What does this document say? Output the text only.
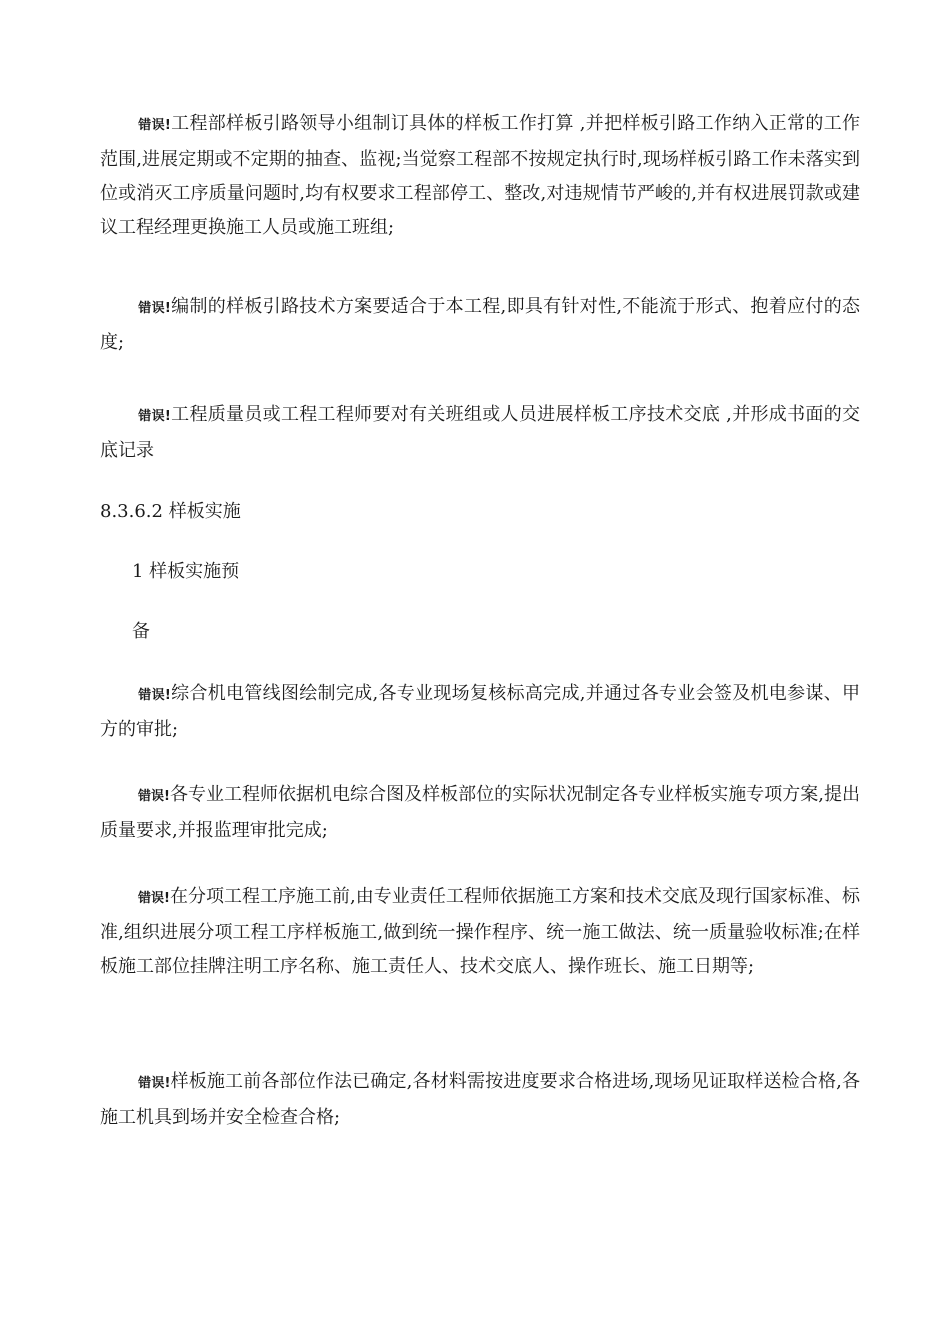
错误!工程部样板引路领导小组制订具体的样板工作打算 ,并把样板引路工作纳入正常的工作范围,进展定期或不定期的抽查、监视;当觉察工程部不按规定执行时,现场样板引路工作未落实到位或消灭工序质量问题时,均有权要求工程部停工、整改,对违规情节严峻的,并有权进展罚款或建议工程经理更换施工人员或施工班组;

错误!编制的样板引路技术方案要适合于本工程,即具有针对性,不能流于形式、抱着应付的态度;

错误!工程质量员或工程工程师要对有关班组或人员进展样板工序技术交底 ,并形成书面的交底记录

8.3.6.2 样板实施

1 样板实施预

备

错误!综合机电管线图绘制完成,各专业现场复核标高完成,并通过各专业会签及机电参谋、甲方的审批;

错误!各专业工程师依据机电综合图及样板部位的实际状况制定各专业样板实施专项方案,提出质量要求,并报监理审批完成;

错误!在分项工程工序施工前,由专业责任工程师依据施工方案和技术交底及现行国家标准、标准,组织进展分项工程工序样板施工,做到统一操作程序、统一施工做法、统一质量验收标准;在样板施工部位挂牌注明工序名称、施工责任人、技术交底人、操作班长、施工日期等;

错误!样板施工前各部位作法已确定,各材料需按进度要求合格进场,现场见证取样送检合格,各施工机具到场并安全检查合格;
